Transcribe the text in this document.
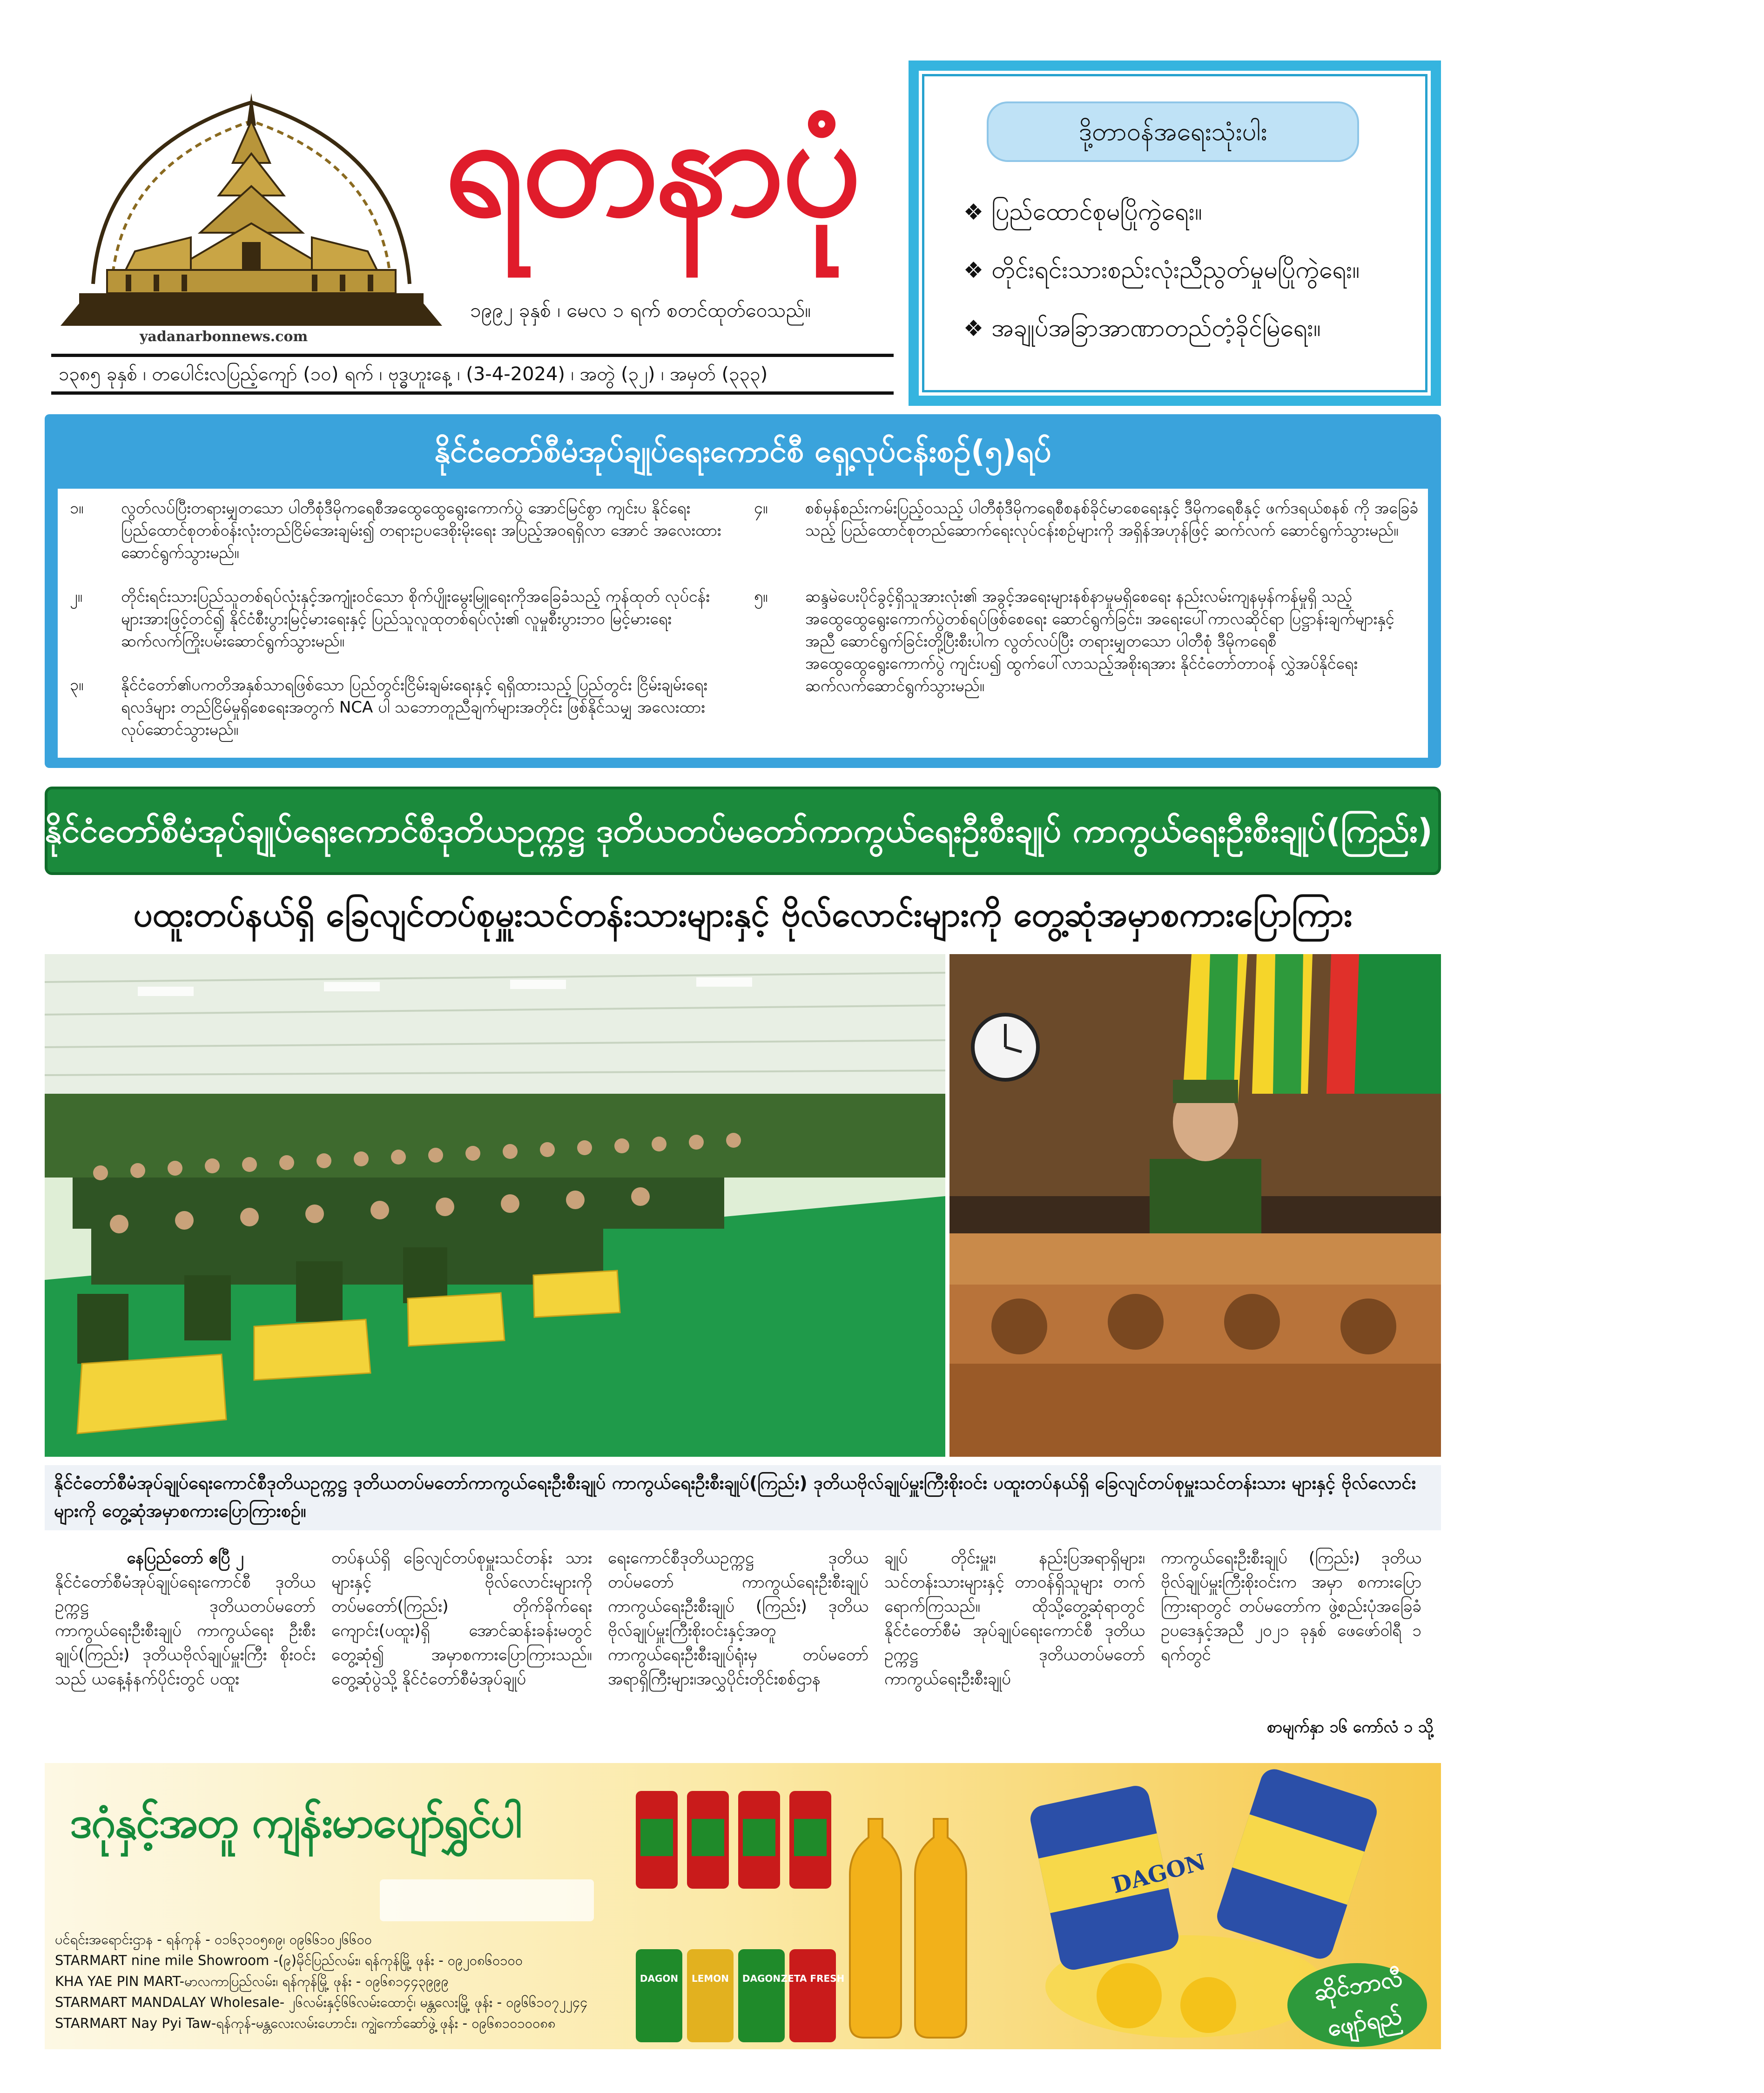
yadanarbonnews.com
ရတနာပုံ
၁၉၉၂ ခုနှစ် ၊ မေလ ၁ ရက် စတင်ထုတ်ဝေသည်။
၁၃၈၅ ခုနှစ် ၊ တပေါင်းလပြည့်ကျော် (၁၀) ရက် ၊ ဗုဒ္ဓဟူးနေ့ ၊ (3-4-2024) ၊ အတွဲ (၃၂) ၊ အမှတ် (၃၃၃)
ဒို့တာဝန်အရေးသုံးပါး
❖ ပြည်ထောင်စုမပြိုကွဲရေး။
❖ တိုင်းရင်းသားစည်းလုံးညီညွတ်မှုမပြိုကွဲရေး။
❖ အချုပ်အခြာအာဏာတည်တံ့ခိုင်မြဲရေး။
နိုင်ငံတော်စီမံအုပ်ချုပ်ရေးကောင်စီ ရှေ့လုပ်ငန်းစဉ်(၅)ရပ်
၁။	လွတ်လပ်ပြီးတရားမျှတသော ပါတီစုံဒီမိုကရေစီအထွေထွေရွေးကောက်ပွဲ အောင်မြင်စွာ ကျင်းပ နိုင်ရေး ပြည်ထောင်စုတစ်ဝန်းလုံးတည်ငြိမ်အေးချမ်း၍ တရားဥပဒေစိုးမိုးရေး အပြည့်အဝရရှိလာ အောင် အလေးထားဆောင်ရွက်သွားမည်။
၂။	တိုင်းရင်းသားပြည်သူတစ်ရပ်လုံးနှင့်အကျုံးဝင်သော စိုက်ပျိုးမွေးမြူရေးကိုအခြေခံသည့် ကုန်ထုတ် လုပ်ငန်းများအားဖြင့်တင်၍ နိုင်ငံစီးပွားမြင့်မားရေးနှင့် ပြည်သူလူထုတစ်ရပ်လုံး၏ လူမှုစီးပွားဘဝ မြင့်မားရေး ဆက်လက်ကြိုးပမ်းဆောင်ရွက်သွားမည်။
၃။	နိုင်ငံတော်၏ပကတိအနှစ်သာရဖြစ်သော ပြည်တွင်းငြိမ်းချမ်းရေးနှင့် ရရှိထားသည့် ပြည်တွင်း ငြိမ်းချမ်းရေးရလဒ်များ တည်ငြိမ်မှုရှိစေရေးအတွက် NCA ပါ သဘောတူညီချက်များအတိုင်း ဖြစ်နိုင်သမျှ အလေးထားလုပ်ဆောင်သွားမည်။
၄။	စစ်မှန်စည်းကမ်းပြည့်ဝသည့် ပါတီစုံဒီမိုကရေစီစနစ်ခိုင်မာစေရေးနှင့် ဒီမိုကရေစီနှင့် ဖက်ဒရယ်စနစ် ကို အခြေခံသည့် ပြည်ထောင်စုတည်ဆောက်ရေးလုပ်ငန်းစဉ်များကို အရှိန်အဟုန်ဖြင့် ဆက်လက် ဆောင်ရွက်သွားမည်။
၅။	ဆန္ဒမဲပေးပိုင်ခွင့်ရှိသူအားလုံး၏ အခွင့်အရေးများနစ်နာမှုမရှိစေရေး နည်းလမ်းကျနမှန်ကန်မှုရှိ သည့် အထွေထွေရွေးကောက်ပွဲတစ်ရပ်ဖြစ်စေရေး ဆောင်ရွက်ခြင်း၊ အရေးပေါ်ကာလဆိုင်ရာ ပြဋ္ဌာန်းချက်များနှင့်အညီ ဆောင်ရွက်ခြင်းတို့ပြီးစီးပါက လွတ်လပ်ပြီး တရားမျှတသော ပါတီစုံ ဒီမိုကရေစီ အထွေထွေရွေးကောက်ပွဲ ကျင်းပ၍ ထွက်ပေါ်လာသည့်အစိုးရအား နိုင်ငံတော်တာဝန် လွှဲအပ်နိုင်ရေး ဆက်လက်ဆောင်ရွက်သွားမည်။
နိုင်ငံတော်စီမံအုပ်ချုပ်ရေးကောင်စီဒုတိယဥက္ကဋ္ဌ ဒုတိယတပ်မတော်ကာကွယ်ရေးဦးစီးချုပ် ကာကွယ်ရေးဦးစီးချုပ်(ကြည်း) ဒုတိယဗိုလ်ချုပ်မှူးကြီးစိုးဝင်း
ပထူးတပ်နယ်ရှိ ခြေလျင်တပ်စုမှူးသင်တန်းသားများနှင့် ဗိုလ်လောင်းများကို တွေ့ဆုံအမှာစကားပြောကြား
နိုင်ငံတော်စီမံအုပ်ချုပ်ရေးကောင်စီဒုတိယဥက္ကဋ္ဌ ဒုတိယတပ်မတော်ကာကွယ်ရေးဦးစီးချုပ် ကာကွယ်ရေးဦးစီးချုပ်(ကြည်း) ဒုတိယဗိုလ်ချုပ်မှူးကြီးစိုးဝင်း ပထူးတပ်နယ်ရှိ ခြေလျင်တပ်စုမှူးသင်တန်းသား များနှင့် ဗိုလ်လောင်းများကို တွေ့ဆုံအမှာစကားပြောကြားစဉ်။
နေပြည်တော် ဧပြီ ၂
နိုင်ငံတော်စီမံအုပ်ချုပ်ရေးကောင်စီ ဒုတိယဥက္ကဋ္ဌ ဒုတိယတပ်မတော် ကာကွယ်ရေးဦးစီးချုပ် ကာကွယ်ရေး ဦးစီးချုပ်(ကြည်း) ဒုတိယဗိုလ်ချုပ်မှူးကြီး စိုးဝင်းသည် ယနေ့နံနက်ပိုင်းတွင် ပထူး
တပ်နယ်ရှိ ခြေလျင်တပ်စုမှူးသင်တန်း သားများနှင့် ဗိုလ်လောင်းများကို တပ်မတော်(ကြည်း) တိုက်ခိုက်ရေး ကျောင်း(ပထူး)ရှိ အောင်ဆန်းခန်းမတွင် တွေ့ဆုံ၍ အမှာစကားပြောကြားသည်။ တွေ့ဆုံပွဲသို့ နိုင်ငံတော်စီမံအုပ်ချုပ်
ရေးကောင်စီဒုတိယဥက္ကဋ္ဌ ဒုတိယ တပ်မတော် ကာကွယ်ရေးဦးစီးချုပ် ကာကွယ်ရေးဦးစီးချုပ် (ကြည်း) ဒုတိယဗိုလ်ချုပ်မှူးကြီးစိုးဝင်းနှင့်အတူ ကာကွယ်ရေးဦးစီးချုပ်ရုံးမှ တပ်မတော် အရာရှိကြီးများ၊အလွှပိုင်းတိုင်းစစ်ဌာန
ချုပ် တိုင်းမှူး၊ နည်းပြအရာရှိများ၊ သင်တန်းသားများနှင့် တာဝန်ရှိသူများ တက်ရောက်ကြသည်။ ထိုသို့တွေ့ဆုံရာတွင် နိုင်ငံတော်စီမံ အုပ်ချုပ်ရေးကောင်စီ ဒုတိယဥက္ကဋ္ဌ ဒုတိယတပ်မတော်ကာကွယ်ရေးဦးစီးချုပ်
ကာကွယ်ရေးဦးစီးချုပ် (ကြည်း) ဒုတိယဗိုလ်ချုပ်မှူးကြီးစိုးဝင်းက အမှာ စကားပြောကြားရာတွင် တပ်မတော်က ဖွဲ့စည်းပုံအခြေခံဥပဒေနှင့်အညီ ၂၀၂၁ ခုနှစ် ဖေဖော်ဝါရီ ၁ ရက်တွင်
စာမျက်နှာ ၁၆ ကော်လံ ၁ သို့
DAGON LEMON DAGON ZETA FRESH
ဒဂုံနှင့်အတူ ကျန်းမာပျော်ရွှင်ပါ
DAGON
ဆိုင်ဘာလီ ဖျော်ရည်
ပင်ရင်းအရောင်းဌာန - ရန်ကုန် - ၀၁၆၃၁၀၅၈၉၊ ၀၉၆၆၁၀၂၆၆၀၀
STARMART nine mile Showroom -(၉)မိုင်ပြည်လမ်း၊ ရန်ကုန်မြို့ ဖုန်း - ၀၉၂၀၈၆၀၁၀၀
KHA YAE PIN MART-မာလကာပြည်လမ်း၊ ရန်ကုန်မြို့ ဖုန်း - ၀၉၆၈၁၄၄၃၉၉၉
STARMART MANDALAY Wholesale- ၂၆လမ်းနှင့်၆၆လမ်းထောင့်၊ မန္တလေးမြို့ ဖုန်း - ၀၉၆၆၁၀၇၂၂၄၄
STARMART Nay Pyi Taw-ရန်ကုန်-မန္တလေးလမ်းဟောင်း၊ ကျွဲကော်ဆော်ဖွဲ့ ဖုန်း - ၀၉၆၈၁၀၁၀၀၈၈
